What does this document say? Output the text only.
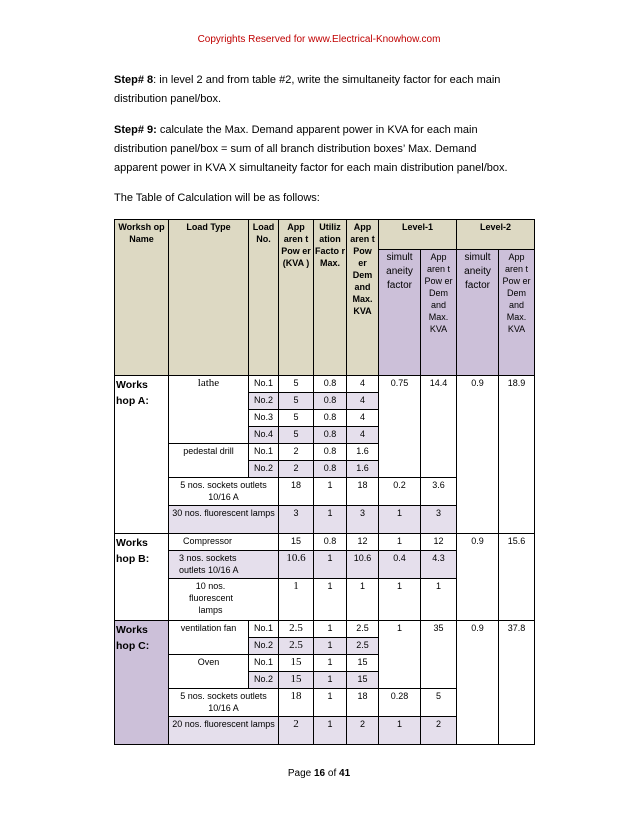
Copyrights Reserved for www.Electrical-Knowhow.com
Step# 8: in level 2 and from table #2, write the simultaneity factor for each main
distribution panel/box.
Step# 9: calculate the Max. Demand apparent power in KVA for each main
distribution panel/box = sum of all branch distribution boxes’ Max. Demand
apparent power in KVA X simultaneity factor for each main distribution panel/box.
The Table of Calculation will be as follows:
Worksh op Name	Load Type	Load No.	App aren t Pow er (KVA )	Utiliz ation Facto r Max.	App aren t Pow er Dem and Max. KVA	Level-1		Level-2	
						simult aneity factor	App aren t Pow er Dem and Max. KVA	simult aneity factor	App aren t Pow er Dem and Max. KVA
Works hop A:	lathe	No.1	5	0.8	4	0.75	14.4	0.9	18.9
		No.2	5	0.8	4				
		No.3	5	0.8	4				
		No.4	5	0.8	4				
	pedestal drill	No.1	2	0.8	1.6				
		No.2	2	0.8	1.6				
	5 nos. sockets outlets 10/16 A		18	1	18	0.2	3.6		
	30 nos. fluorescent lamps		3	1	3	1	3		
Works hop B:	Compressor		15	0.8	12	1	12	0.9	15.6
	3 nos. sockets outlets 10/16 A		10.6	1	10.6	0.4	4.3		
	10 nos. fluorescent lamps		1	1	1	1	1		
Works hop C:	ventilation fan	No.1	2.5	1	2.5	1	35	0.9	37.8
		No.2	2.5	1	2.5				
	Oven	No.1	15	1	15				
		No.2	15	1	15				
	5 nos. sockets outlets 10/16 A		18	1	18	0.28	5		
	20 nos. fluorescent lamps		2	1	2	1	2		
Page 16 of 41
